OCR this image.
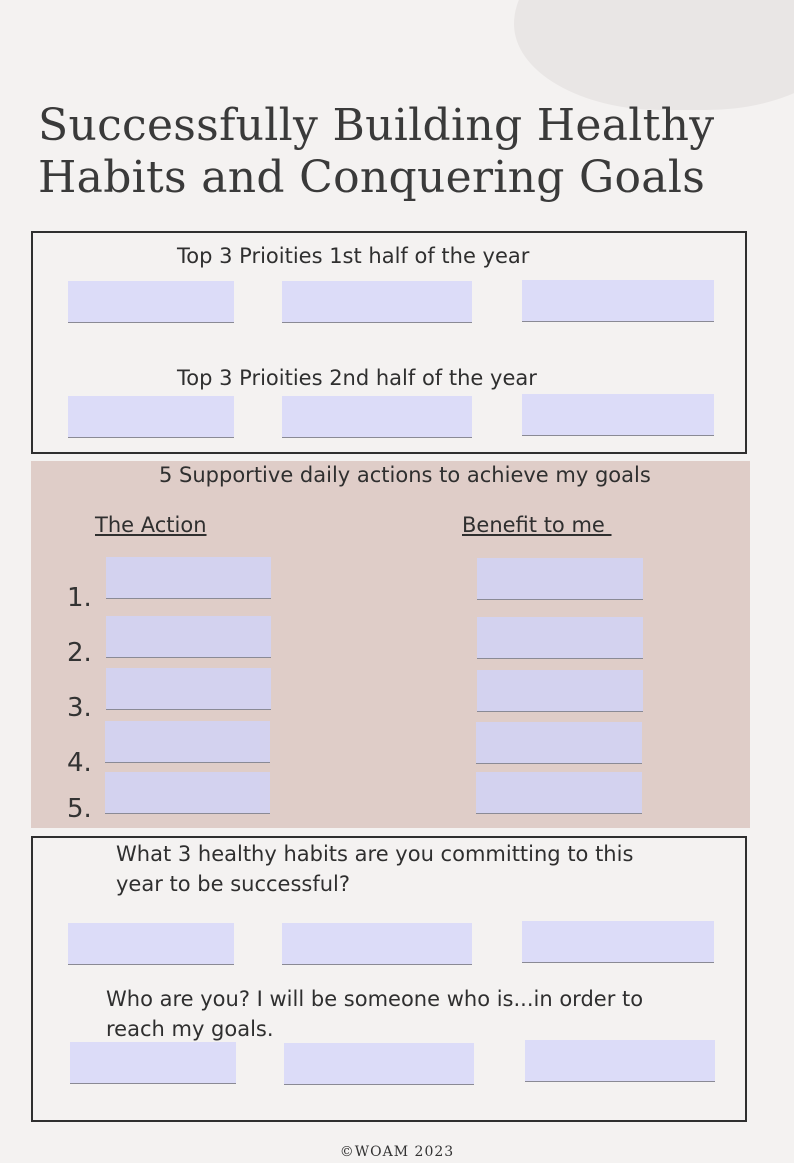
Successfully Building Healthy
Habits and Conquering Goals
Top 3 Prioities 1st half of the year
Top 3 Prioities 2nd half of the year
5 Supportive daily actions to achieve my goals
The Action	Benefit to me
1.
2.
3.
4.
5.
What 3 healthy habits are you committing to this
year to be successful?
Who are you? I will be someone who is...in order to
reach my goals.
©WOAM 2023
